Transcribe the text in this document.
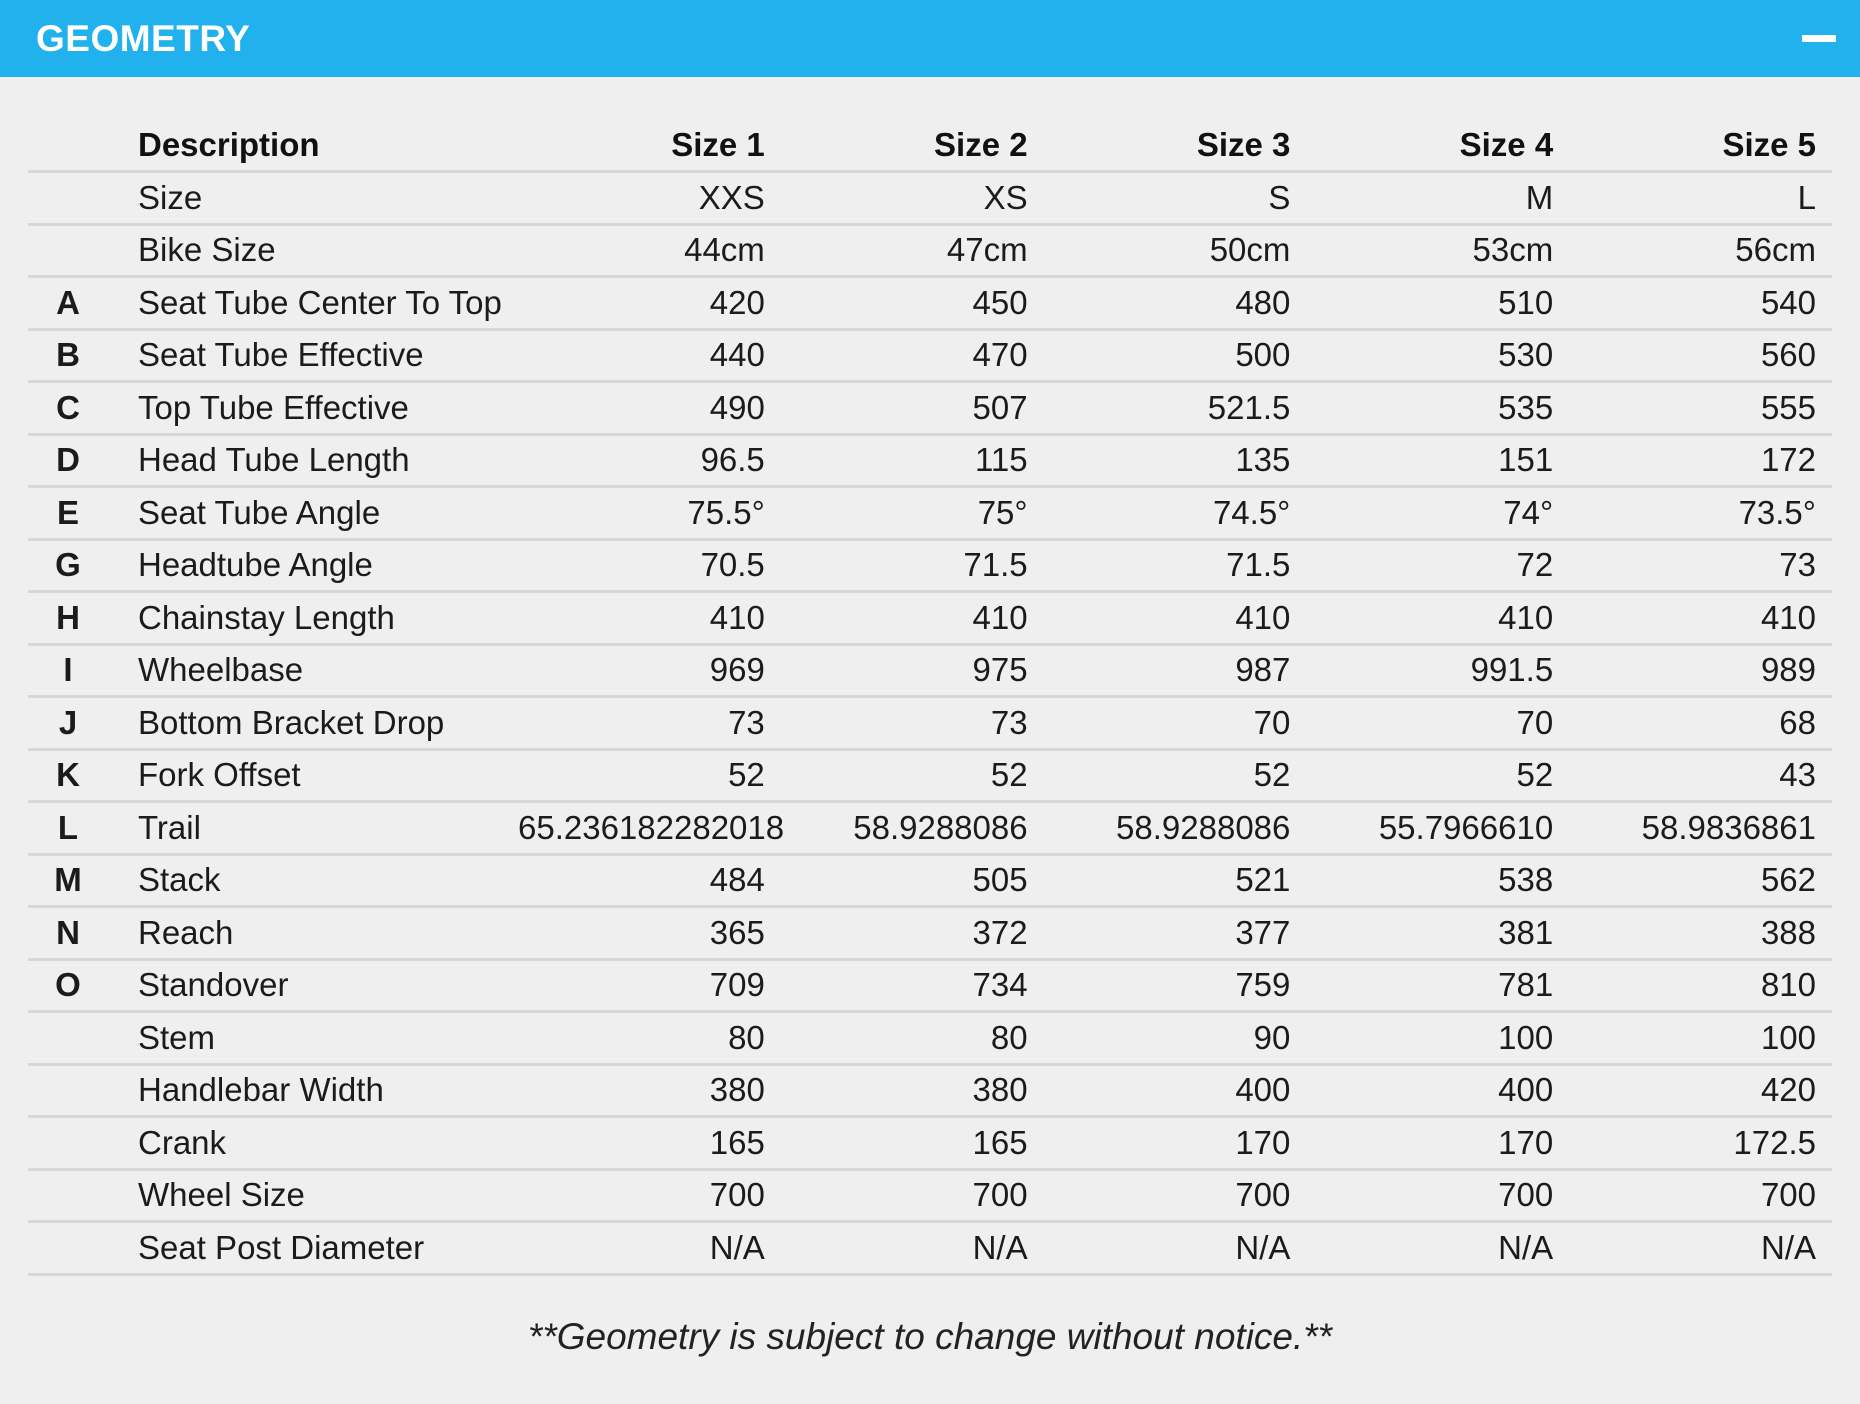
GEOMETRY
	Description	Size 1	Size 2	Size 3	Size 4	Size 5
	Size	XXS	XS	S	M	L
	Bike Size	44cm	47cm	50cm	53cm	56cm
A	Seat Tube Center To Top	420	450	480	510	540
B	Seat Tube Effective	440	470	500	530	560
C	Top Tube Effective	490	507	521.5	535	555
D	Head Tube Length	96.5	115	135	151	172
E	Seat Tube Angle	75.5°	75°	74.5°	74°	73.5°
G	Headtube Angle	70.5	71.5	71.5	72	73
H	Chainstay Length	410	410	410	410	410
I	Wheelbase	969	975	987	991.5	989
J	Bottom Bracket Drop	73	73	70	70	68
K	Fork Offset	52	52	52	52	43
L	Trail	65.236182282018	58.9288086	58.9288086	55.7966610	58.9836861
M	Stack	484	505	521	538	562
N	Reach	365	372	377	381	388
O	Standover	709	734	759	781	810
	Stem	80	80	90	100	100
	Handlebar Width	380	380	400	400	420
	Crank	165	165	170	170	172.5
	Wheel Size	700	700	700	700	700
	Seat Post Diameter	N/A	N/A	N/A	N/A	N/A
**Geometry is subject to change without notice.**
